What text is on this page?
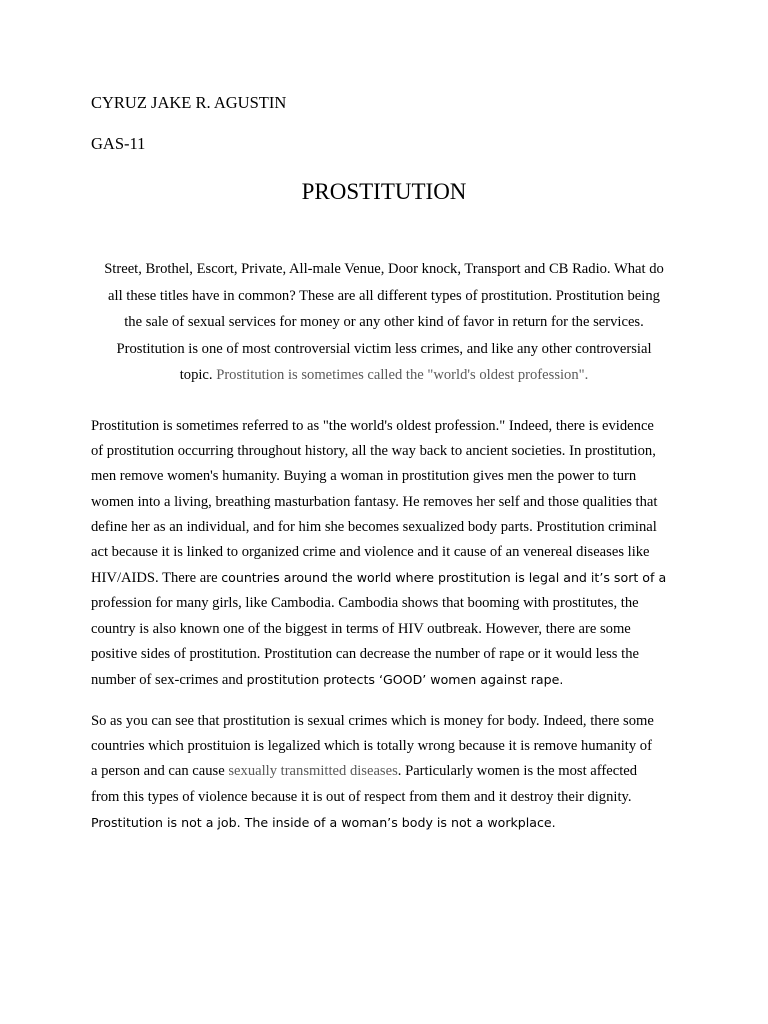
CYRUZ JAKE R. AGUSTIN
GAS-11
PROSTITUTION
Street, Brothel, Escort, Private, All-male Venue, Door knock, Transport and CB Radio. What do
all these titles have in common? These are all different types of prostitution. Prostitution being
the sale of sexual services for money or any other kind of favor in return for the services.
Prostitution is one of most controversial victim less crimes, and like any other controversial
topic. Prostitution is sometimes called the "world's oldest profession".
Prostitution is sometimes referred to as "the world's oldest profession." Indeed, there is evidence
of prostitution occurring throughout history, all the way back to ancient societies. In prostitution,
men remove women's humanity. Buying a woman in prostitution gives men the power to turn
women into a living, breathing masturbation fantasy. He removes her self and those qualities that
define her as an individual, and for him she becomes sexualized body parts. Prostitution criminal
act because it is linked to organized crime and violence and it cause of an venereal diseases like
HIV/AIDS. There are countries around the world where prostitution is legal and it’s sort of a
profession for many girls, like Cambodia. Cambodia shows that booming with prostitutes, the
country is also known one of the biggest in terms of HIV outbreak. However, there are some
positive sides of prostitution. Prostitution can decrease the number of rape or it would less the
number of sex-crimes and prostitution protects ‘GOOD’ women against rape.
So as you can see that prostitution is sexual crimes which is money for body. Indeed, there some
countries which prostituion is legalized which is totally wrong because it is remove humanity of
a person and can cause sexually transmitted diseases. Particularly women is the most affected
from this types of violence because it is out of respect from them and it destroy their dignity.
Prostitution is not a job. The inside of a woman’s body is not a workplace.
